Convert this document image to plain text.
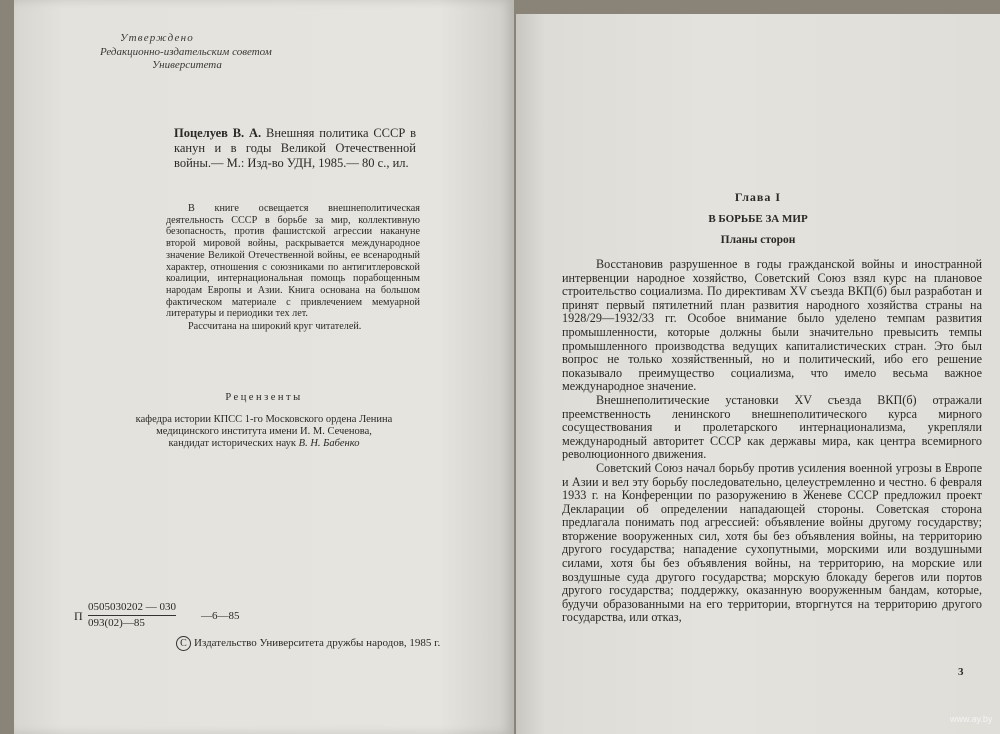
Утверждено
Редакционно-издательским советом
Университета
Поцелуев В. А. Внешняя политика СССР в канун и в годы Великой Отечественной войны.— М.: Изд-во УДН, 1985.— 80 с., ил.

В книге освещается внешнеполитическая деятельность СССР в борьбе за мир, коллективную безопасность, против фашистской агрессии накануне второй мировой войны, раскрывается международное значение Великой Отечественной войны, ее всенародный характер, отношения с союзниками по антигитлеровской коалиции, интернациональная помощь порабощенным народам Европы и Азии. Книга основана на большом фактическом материале с привлечением мемуарной литературы и периодики тех лет.

Рассчитана на широкий круг читателей.

Рецензенты
кафедра истории КПСС 1-го Московского ордена Ленина
медицинского института имени И. М. Сеченова,
кандидат исторических наук В. Н. Бабенко
П
0505030202 — 030
093(02)—85
—6—85
C Издательство Университета дружбы народов, 1985 г.
Глава I
В БОРЬБЕ ЗА МИР
Планы сторон

Восстановив разрушенное в годы гражданской войны и иностранной интервенции народное хозяйство, Советский Союз взял курс на плановое строительство социализма. По директивам XV съезда ВКП(б) был разработан и принят первый пятилетний план развития народного хозяйства страны на 1928/29—1932/33 гг. Особое внимание было уделено темпам развития промышленности, которые должны были значительно превысить темпы промышленного производства ведущих капиталистических стран. Это был вопрос не только хозяйственный, но и политический, ибо его решение показывало преимущество социализма, что имело весьма важное международное значение.

Внешнеполитические установки XV съезда ВКП(б) отражали преемственность ленинского внешнеполитического курса мирного сосуществования и пролетарского интернационализма, укрепляли международный авторитет СССР как державы мира, как центра всемирного революционного движения.

Советский Союз начал борьбу против усиления военной угрозы в Европе и Азии и вел эту борьбу последовательно, целеустремленно и честно. 6 февраля 1933 г. на Конференции по разоружению в Женеве СССР предложил проект Декларации об определении нападающей стороны. Советская сторона предлагала понимать под агрессией: объявление войны другому государству; вторжение вооруженных сил, хотя бы без объявления войны, на территорию другого государства; нападение сухопутными, морскими или воздушными силами, хотя бы без объявления войны, на территорию, на морские или воздушные суда другого государства; морскую блокаду берегов или портов другого государства; поддержку, оказанную вооруженным бандам, которые, будучи образованными на его территории, вторгнутся на территорию другого государства, или отказ,

3
www.ay.by
